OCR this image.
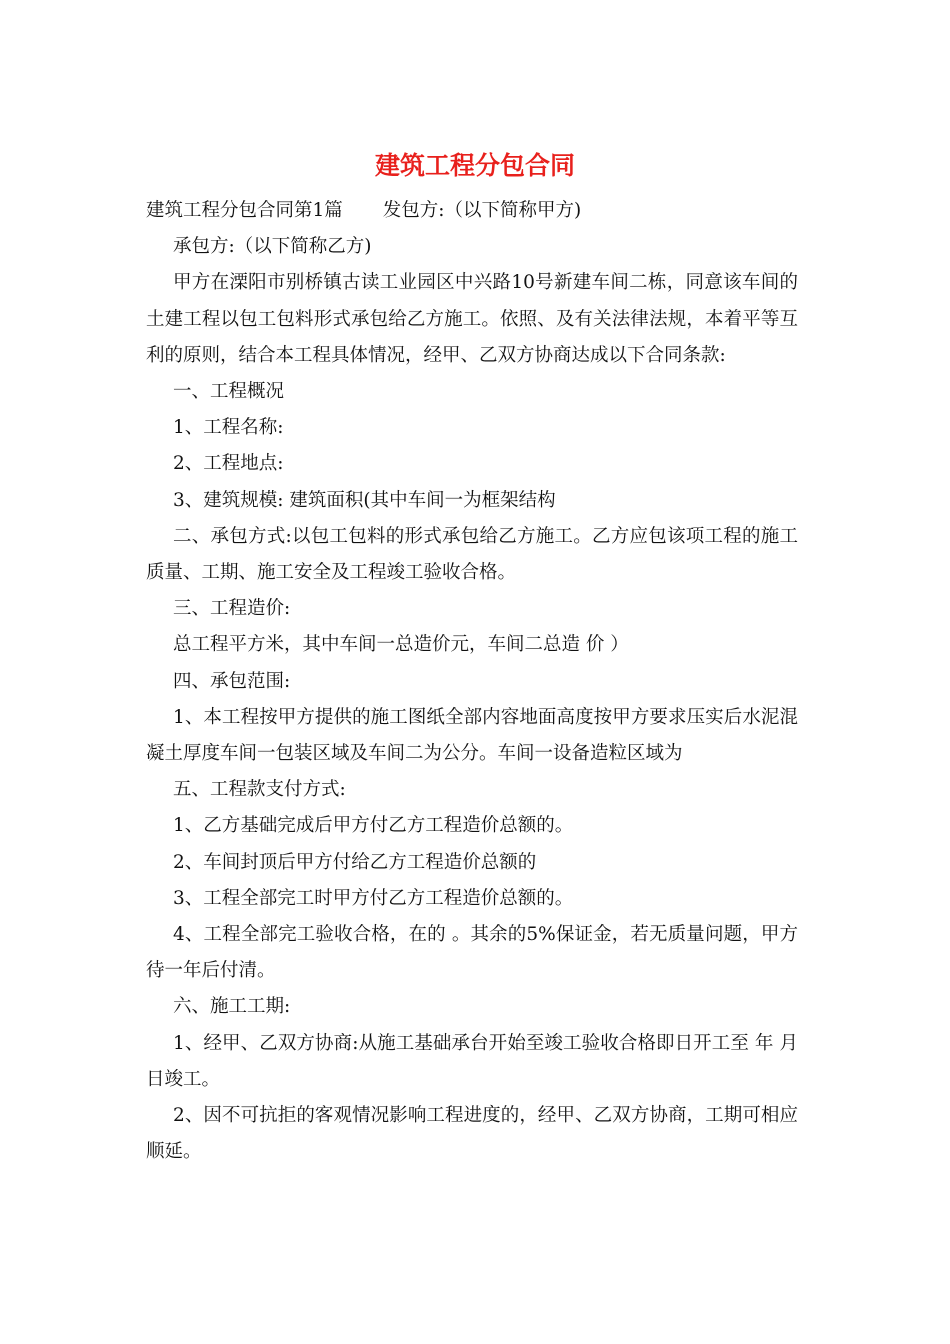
建筑工程分包合同

建筑工程分包合同第1篇 发包方:（以下简称甲方)

承包方:（以下简称乙方)

甲方在溧阳市别桥镇古读工业园区中兴路10号新建车间二栋，同意该车间的土建工程以包工包料形式承包给乙方施工。依照、及有关法律法规，本着平等互利的原则，结合本工程具体情况，经甲、乙双方协商达成以下合同条款:

一、工程概况

1、工程名称:

2、工程地点:

3、建筑规模: 建筑面积(其中车间一为框架结构

二、承包方式:以包工包料的形式承包给乙方施工。乙方应包该项工程的施工质量、工期、施工安全及工程竣工验收合格。

三、工程造价:

总工程平方米，其中车间一总造价元，车间二总造 价 ）

四、承包范围:

1、本工程按甲方提供的施工图纸全部内容地面高度按甲方要求压实后水泥混凝土厚度车间一包装区域及车间二为公分。车间一设备造粒区域为

五、工程款支付方式:

1、乙方基础完成后甲方付乙方工程造价总额的。

2、车间封顶后甲方付给乙方工程造价总额的

3、工程全部完工时甲方付乙方工程造价总额的。

4、工程全部完工验收合格，在的 。其余的5%保证金，若无质量问题，甲方待一年后付清。

六、施工工期:

1、经甲、乙双方协商:从施工基础承台开始至竣工验收合格即日开工至 年 月 日竣工。

2、因不可抗拒的客观情况影响工程进度的，经甲、乙双方协商，工期可相应顺延。
